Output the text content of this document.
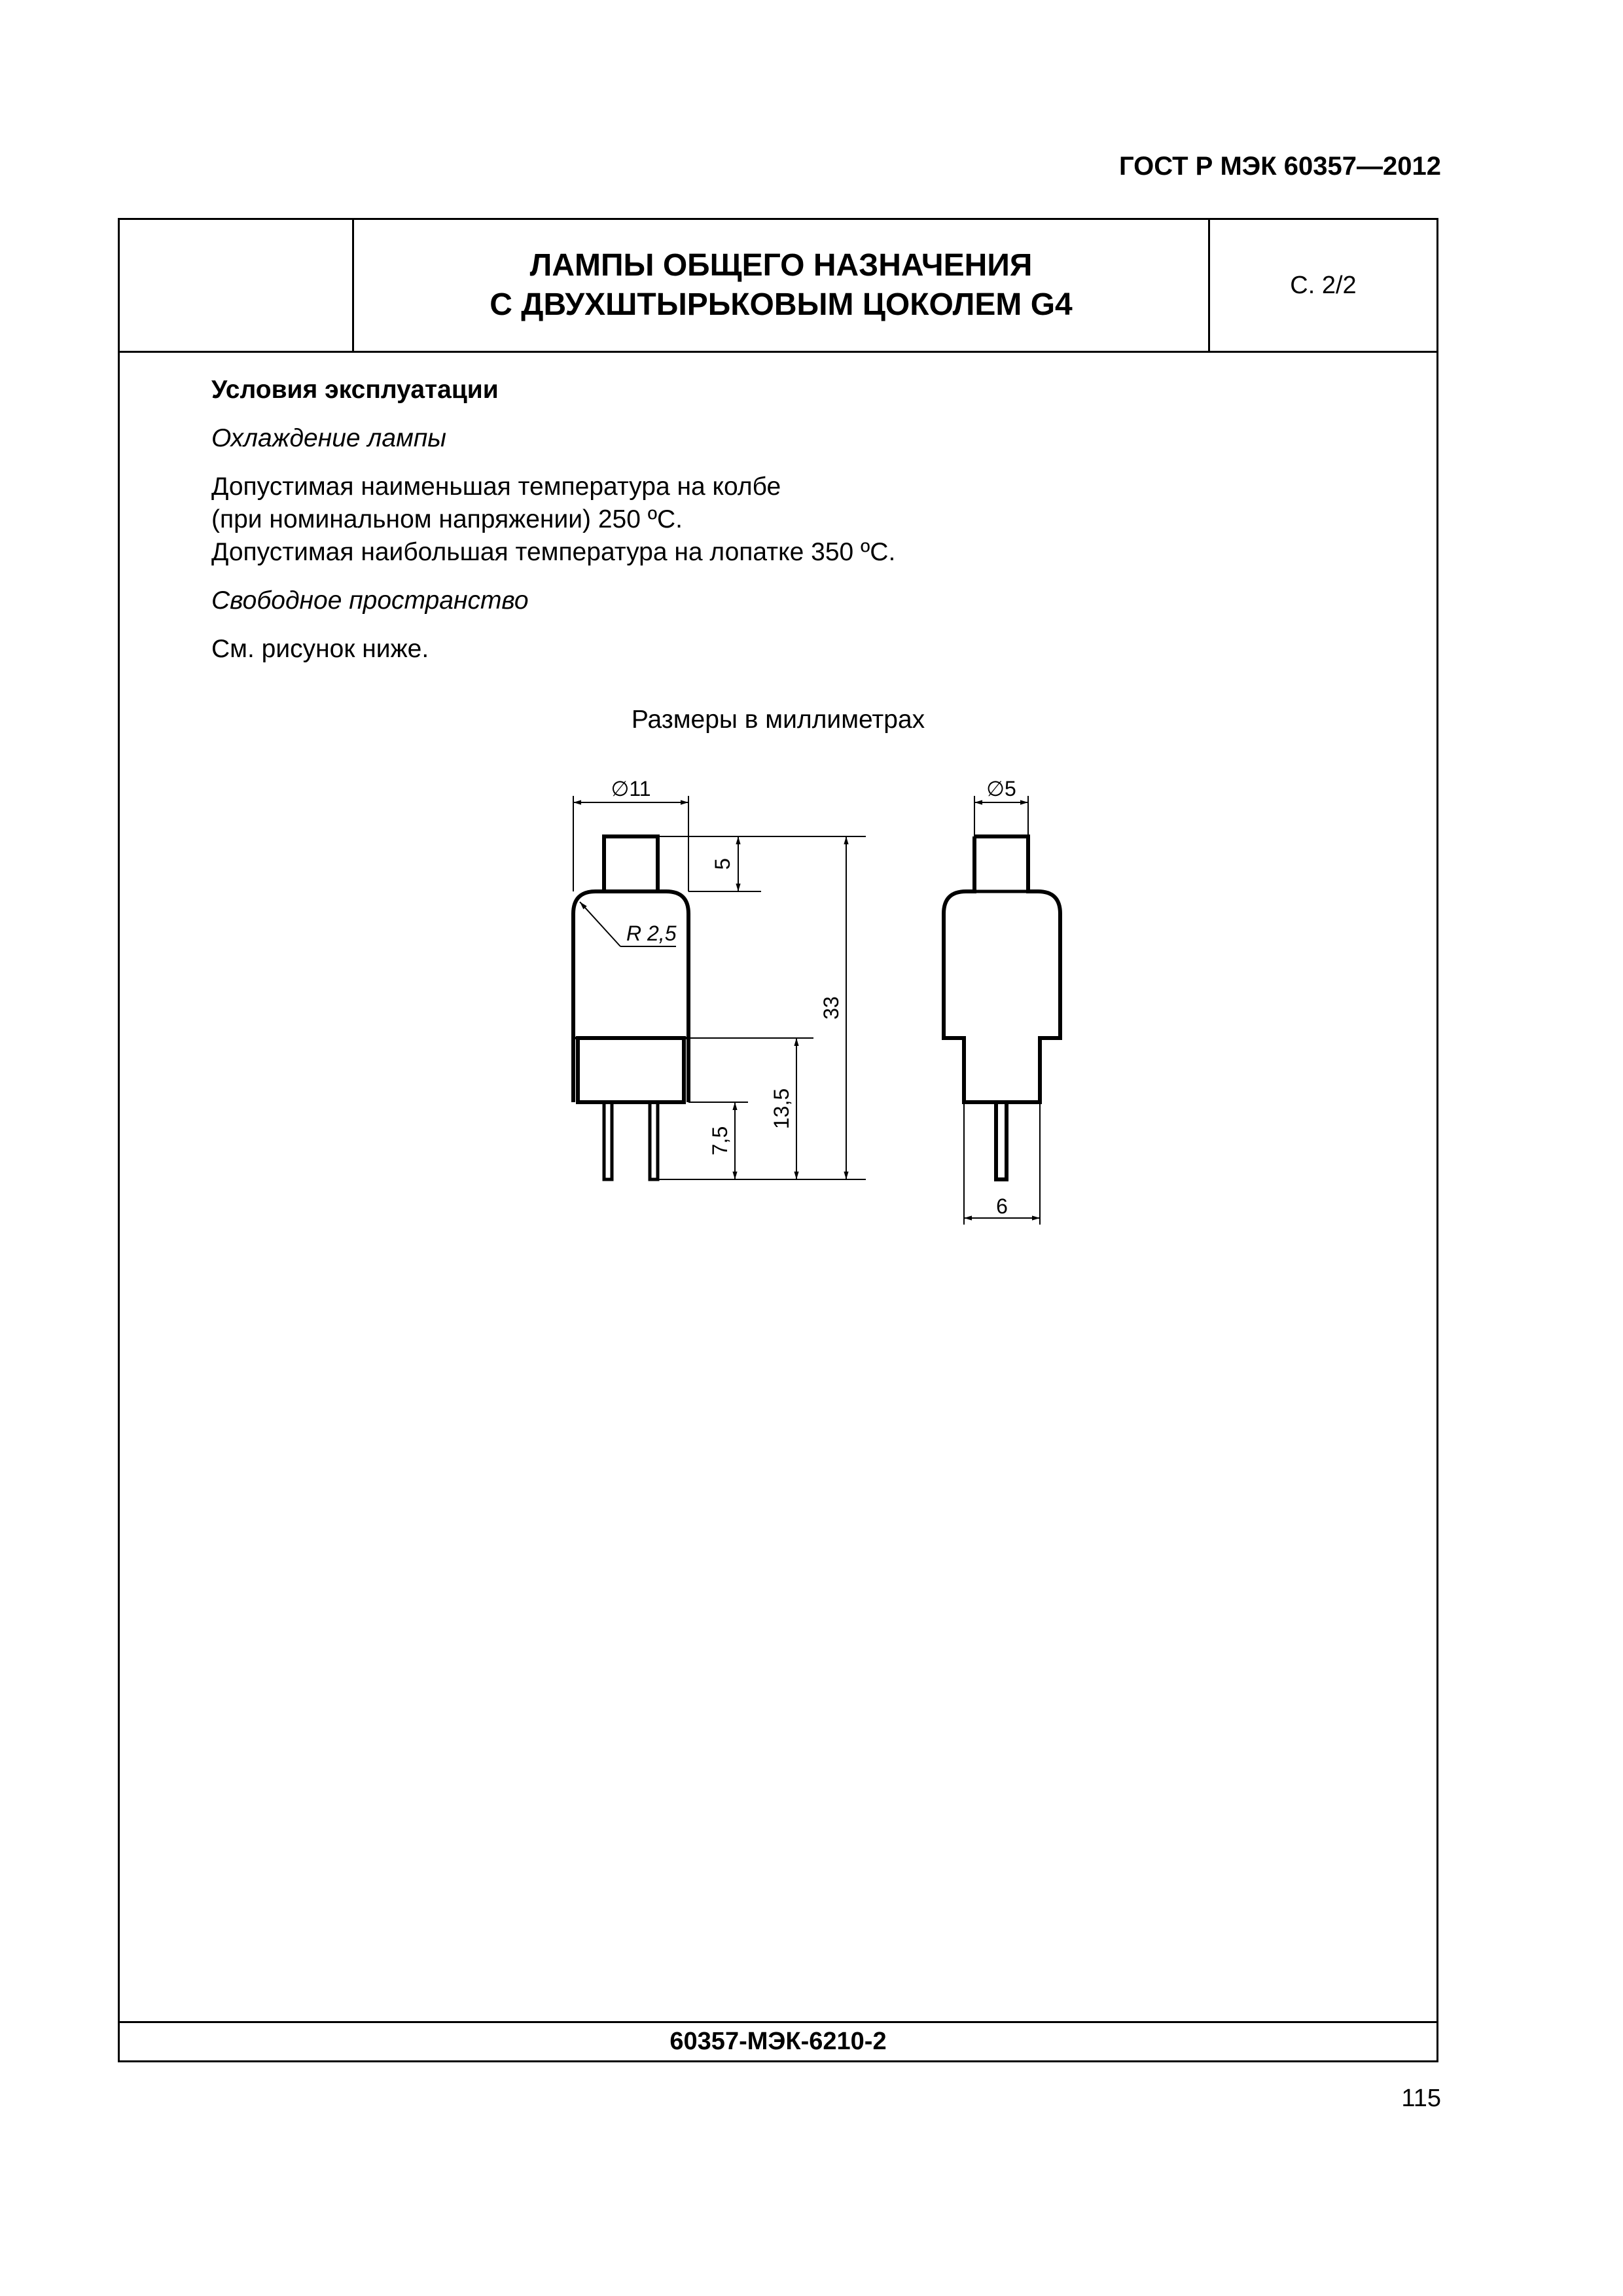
ГОСТ Р МЭК 60357—2012
ЛАМПЫ ОБЩЕГО НАЗНАЧЕНИЯ
С ДВУХШТЫРЬКОВЫМ ЦОКОЛЕМ G4
С. 2/2

Условия эксплуатации

Охлаждение лампы

Допустимая наименьшая температура на колбе

(при номинальном напряжении) 250 ºС.

Допустимая наибольшая температура на лопатке 350 ºС.

Свободное пространство

См. рисунок ниже.

Размеры в миллиметрах
∅11	∅5
R 2,5
5
33
13,5
7,5
6
60357-МЭК-6210-2
115
